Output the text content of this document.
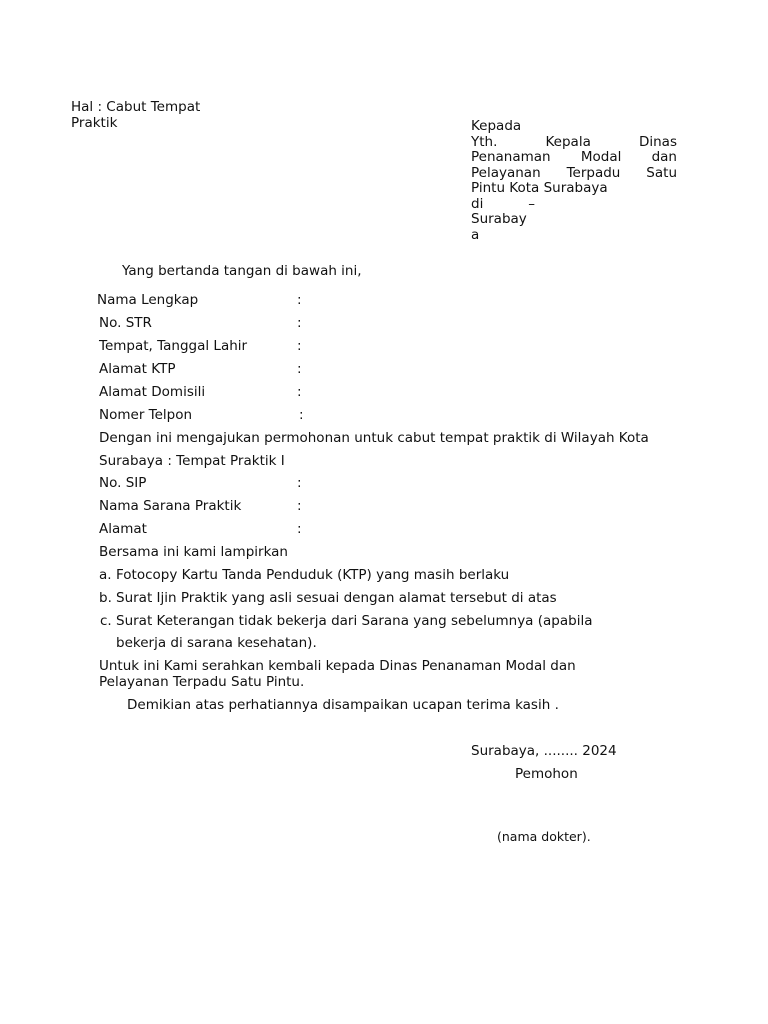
Hal : Cabut Tempat
Praktik	Kepada
Yth. Kepala Dinas
Penanaman Modal dan
Pelayanan Terpadu Satu
Pintu Kota Surabaya
di –
Surabay
a
Yang bertanda tangan di bawah ini,
Nama Lengkap	:
No. STR	:
Tempat, Tanggal Lahir	:
Alamat KTP	:
Alamat Domisili	:
Nomer Telpon	:
Dengan ini mengajukan permohonan untuk cabut tempat praktik di Wilayah Kota
Surabaya : Tempat Praktik I
No. SIP	:
Nama Sarana Praktik	:
Alamat	:
Bersama ini kami lampirkan
a. Fotocopy Kartu Tanda Penduduk (KTP) yang masih berlaku
b. Surat Ijin Praktik yang asli sesuai dengan alamat tersebut di atas
c. Surat Keterangan tidak bekerja dari Sarana yang sebelumnya (apabila
bekerja di sarana kesehatan).
Untuk ini Kami serahkan kembali kepada Dinas Penanaman Modal dan
Pelayanan Terpadu Satu Pintu.
Demikian atas perhatiannya disampaikan ucapan terima kasih .
Surabaya, ........ 2024
Pemohon
(nama dokter).
